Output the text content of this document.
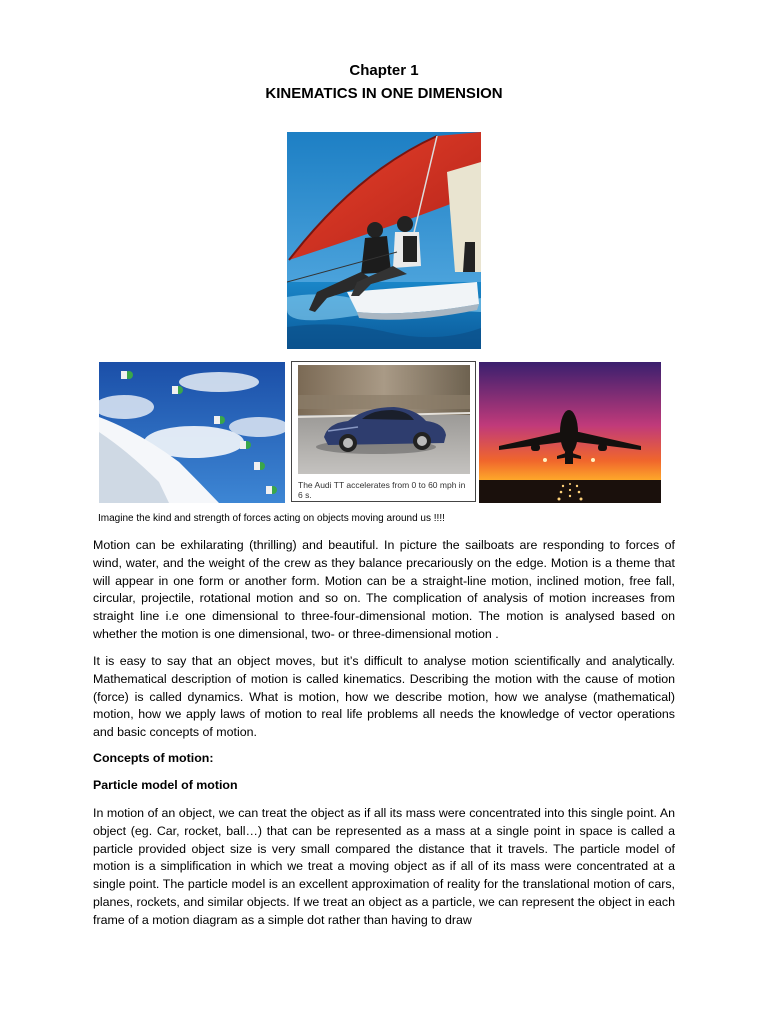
Chapter 1
KINEMATICS IN ONE DIMENSION
The Audi TT accelerates from 0 to 60 mph in 6 s.

Imagine the kind and strength of forces acting on objects moving around us !!!!

Motion can be exhilarating (thrilling) and beautiful. In picture the sailboats are responding to forces of wind, water, and the weight of the crew as they balance precariously on the edge. Motion is a theme that will appear in one form or another form. Motion can be a straight-line motion, inclined motion, free fall, circular, projectile, rotational motion and so on. The complication of analysis of motion increases from straight line i.e one dimensional to three-four-dimensional motion. The motion is analysed based on whether the motion is one dimensional, two- or three-dimensional motion .

It is easy to say that an object moves, but it’s difficult to analyse motion scientifically and analytically. Mathematical description of motion is called kinematics. Describing the motion with the cause of motion (force) is called dynamics. What is motion, how we describe motion, how we analyse (mathematical) motion, how we apply laws of motion to real life problems all needs the knowledge of vector operations and basic concepts of motion.

Concepts of motion:

Particle model of motion

In motion of an object, we can treat the object as if all its mass were concentrated into this single point. An object (eg. Car, rocket, ball…) that can be represented as a mass at a single point in space is called a particle provided object size is very small compared the distance that it travels. The particle model of motion is a simplification in which we treat a moving object as if all of its mass were concentrated at a single point. The particle model is an excellent approximation of reality for the translational motion of cars, planes, rockets, and similar objects. If we treat an object as a particle, we can represent the object in each frame of a motion diagram as a simple dot rather than having to draw
